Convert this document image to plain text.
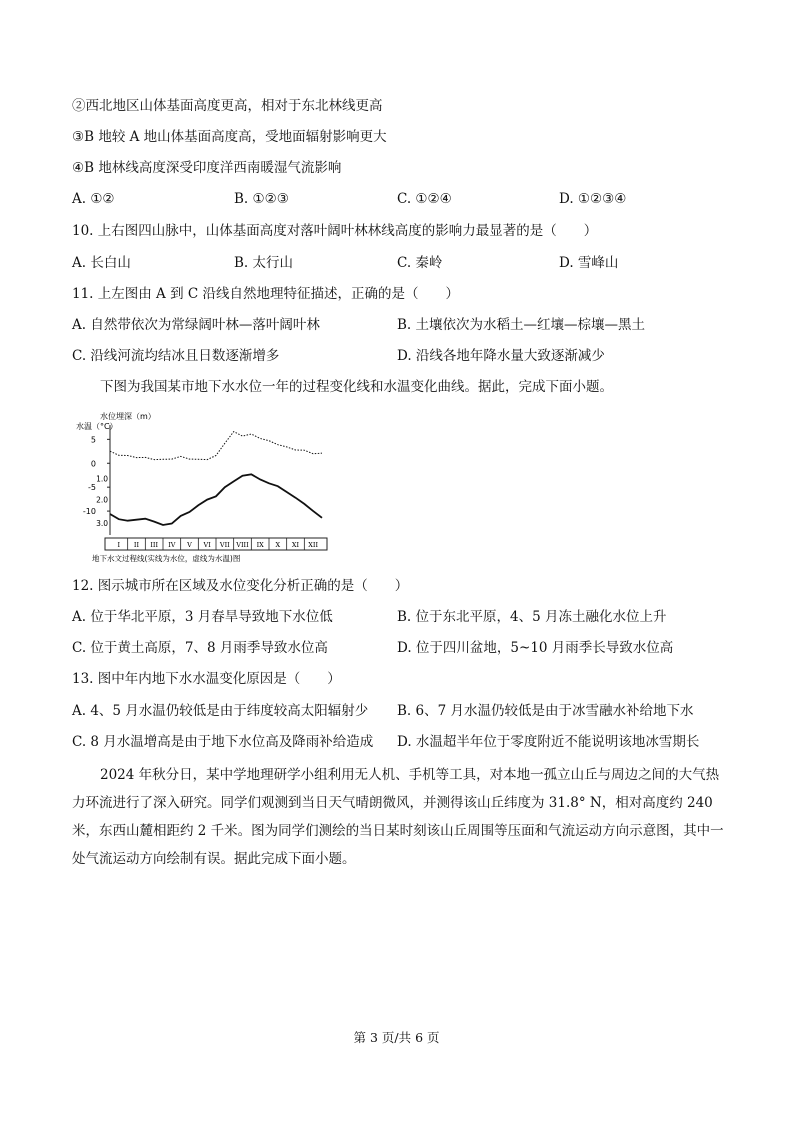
②西北地区山体基面高度更高，相对于东北林线更高
③B 地较 A 地山体基面高度高，受地面辐射影响更大
④B 地林线高度深受印度洋西南暖湿气流影响
A. ①②	B. ①②③	C. ①②④	D. ①②③④
10. 上右图四山脉中，山体基面高度对落叶阔叶林林线高度的影响力最显著的是（　　）
A. 长白山	B. 太行山	C. 秦岭	D. 雪峰山
11. 上左图由 A 到 C 沿线自然地理特征描述，正确的是（　　）
A. 自然带依次为常绿阔叶林—落叶阔叶林	B. 土壤依次为水稻土—红壤—棕壤—黑土
C. 沿线河流均结冰且日数逐渐增多	D. 沿线各地年降水量大致逐渐减少
下图为我国某市地下水水位一年的过程变化线和水温变化曲线。据此，完成下面小题。
水位埋深（m）
水温（°C）
5
0
-5
-10
1.0
2.0
3.0
I II III IV V VI VII VIII IX X XI XII
地下水文过程线(实线为水位，虚线为水温)图
12. 图示城市所在区域及水位变化分析正确的是（　　）
A. 位于华北平原，3 月春旱导致地下水位低	B. 位于东北平原，4、5 月冻土融化水位上升
C. 位于黄土高原，7、8 月雨季导致水位高	D. 位于四川盆地，5~10 月雨季长导致水位高
13. 图中年内地下水水温变化原因是（　　）
A. 4、5 月水温仍较低是由于纬度较高太阳辐射少 B. 6、7 月水温仍较低是由于冰雪融水补给地下水
C. 8 月水温增高是由于地下水位高及降雨补给造成 D. 水温超半年位于零度附近不能说明该地冰雪期长
2024 年秋分日，某中学地理研学小组利用无人机、手机等工具，对本地一孤立山丘与周边之间的大气热力环流进行了深入研究。同学们观测到当日天气晴朗微风，并测得该山丘纬度为 31.8° N，相对高度约 240 米，东西山麓相距约 2 千米。图为同学们测绘的当日某时刻该山丘周围等压面和气流运动方向示意图，其中一处气流运动方向绘制有误。据此完成下面小题。
第 3 页/共 6 页
